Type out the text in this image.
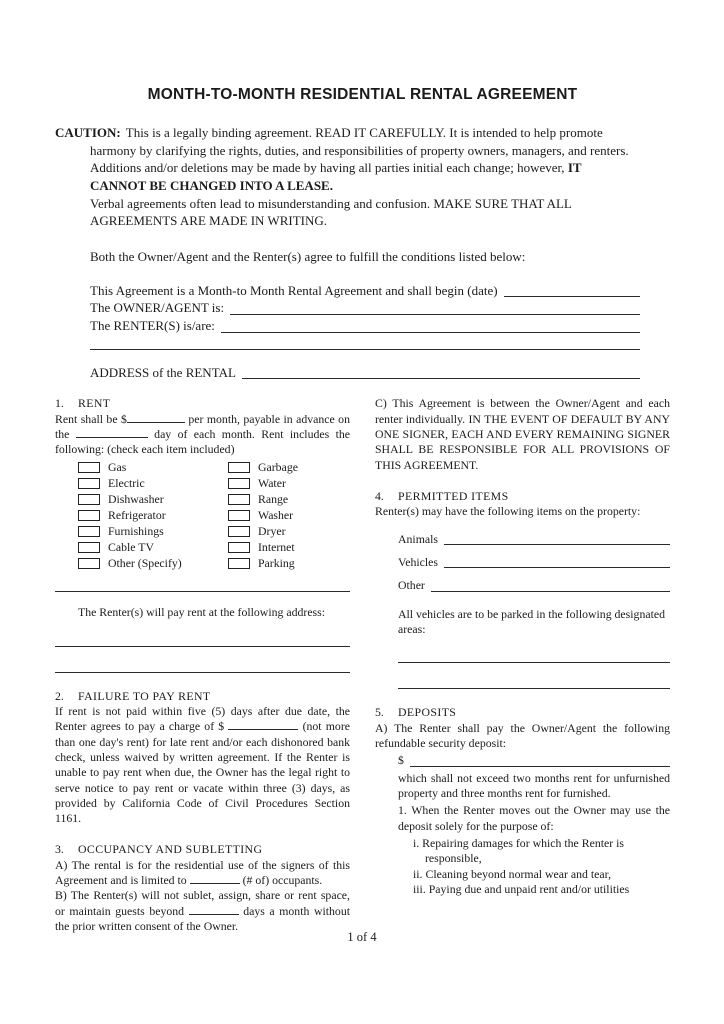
MONTH-TO-MONTH RESIDENTIAL RENTAL AGREEMENT

CAUTION: This is a legally binding agreement. READ IT CAREFULLY. It is intended to help promote harmony by clarifying the rights, duties, and responsibilities of property owners, managers, and renters. Additions and/or deletions may be made by having all parties initial each change; however, IT CANNOT BE CHANGED INTO A LEASE.

Verbal agreements often lead to misunderstanding and confusion. MAKE SURE THAT ALL AGREEMENTS ARE MADE IN WRITING.

Both the Owner/Agent and the Renter(s) agree to fulfill the conditions listed below:

This Agreement is a Month-to Month Rental Agreement and shall begin (date)
The OWNER/AGENT is:
The RENTER(S) is/are:
ADDRESS of the RENTAL
1.	RENT

Rent shall be $	per month, payable in advance on the	day of each month. Rent includes the following: (check each item included)

Gas	Garbage
Electric	Water
Dishwasher	Range
Refrigerator	Washer
Furnishings	Dryer
Cable TV	Internet
Other (Specify)	Parking

The Renter(s) will pay rent at the following address:

2.	FAILURE TO PAY RENT

If rent is not paid within five (5) days after due date, the Renter agrees to pay a charge of $	(not more than one day's rent) for late rent and/or each dishonored bank check, unless waived by written agreement. If the Renter is unable to pay rent when due, the Owner has the legal right to serve notice to pay rent or vacate within three (3) days, as provided by California Code of Civil Procedures Section 1161.

3.	OCCUPANCY AND SUBLETTING

A) The rental is for the residential use of the signers of this Agreement and is limited to	(# of) occupants.

B) The Renter(s) will not sublet, assign, share or rent space, or maintain guests beyond	days a month without the prior written consent of the Owner.

C) This Agreement is between the Owner/Agent and each renter individually. IN THE EVENT OF DEFAULT BY ANY ONE SIGNER, EACH AND EVERY REMAINING SIGNER SHALL BE RESPONSIBLE FOR ALL PROVISIONS OF THIS AGREEMENT.

4.	PERMITTED ITEMS

Renter(s) may have the following items on the property:

Animals
Vehicles
Other

All vehicles are to be parked in the following designated areas:

5.	DEPOSITS

A) The Renter shall pay the Owner/Agent the following refundable security deposit:

$

which shall not exceed two months rent for unfurnished property and three months rent for furnished.

1. When the Renter moves out the Owner may use the deposit solely for the purpose of:

i. Repairing damages for which the Renter is responsible,

ii. Cleaning beyond normal wear and tear,

iii. Paying due and unpaid rent and/or utilities

1 of 4
